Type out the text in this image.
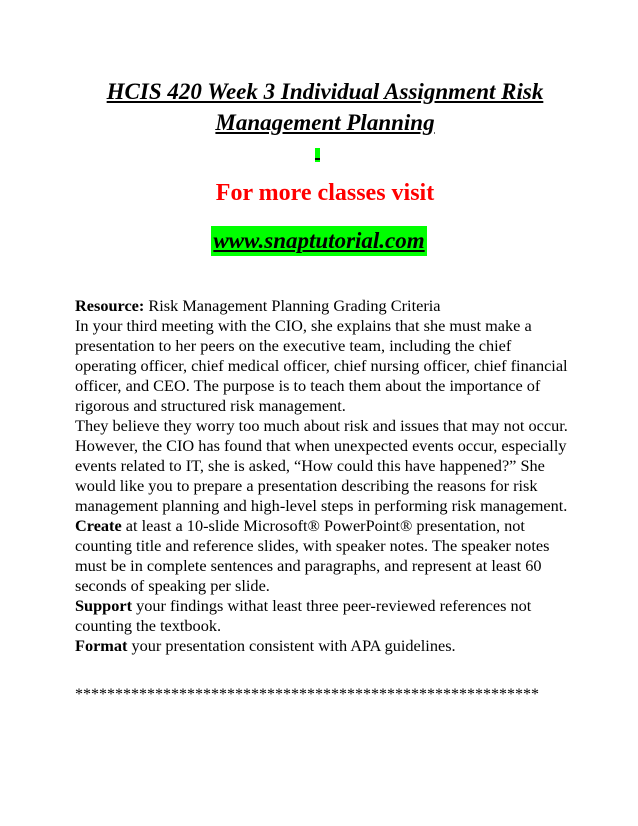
HCIS 420 Week 3 Individual Assignment Risk Management Planning
For more classes visit
www.snaptutorial.com

Resource: Risk Management Planning Grading Criteria

In your third meeting with the CIO, she explains that she must make a presentation to her peers on the executive team, including the chief operating officer, chief medical officer, chief nursing officer, chief financial officer, and CEO. The purpose is to teach them about the importance of rigorous and structured risk management.

They believe they worry too much about risk and issues that may not occur. However, the CIO has found that when unexpected events occur, especially events related to IT, she is asked, “How could this have happened?” She would like you to prepare a presentation describing the reasons for risk management planning and high-level steps in performing risk management.

Create at least a 10-slide Microsoft® PowerPoint® presentation, not counting title and reference slides, with speaker notes. The speaker notes must be in complete sentences and paragraphs, and represent at least 60 seconds of speaking per slide.

Support your findings withat least three peer-reviewed references not counting the textbook.

Format your presentation consistent with APA guidelines.

**********************************************************
